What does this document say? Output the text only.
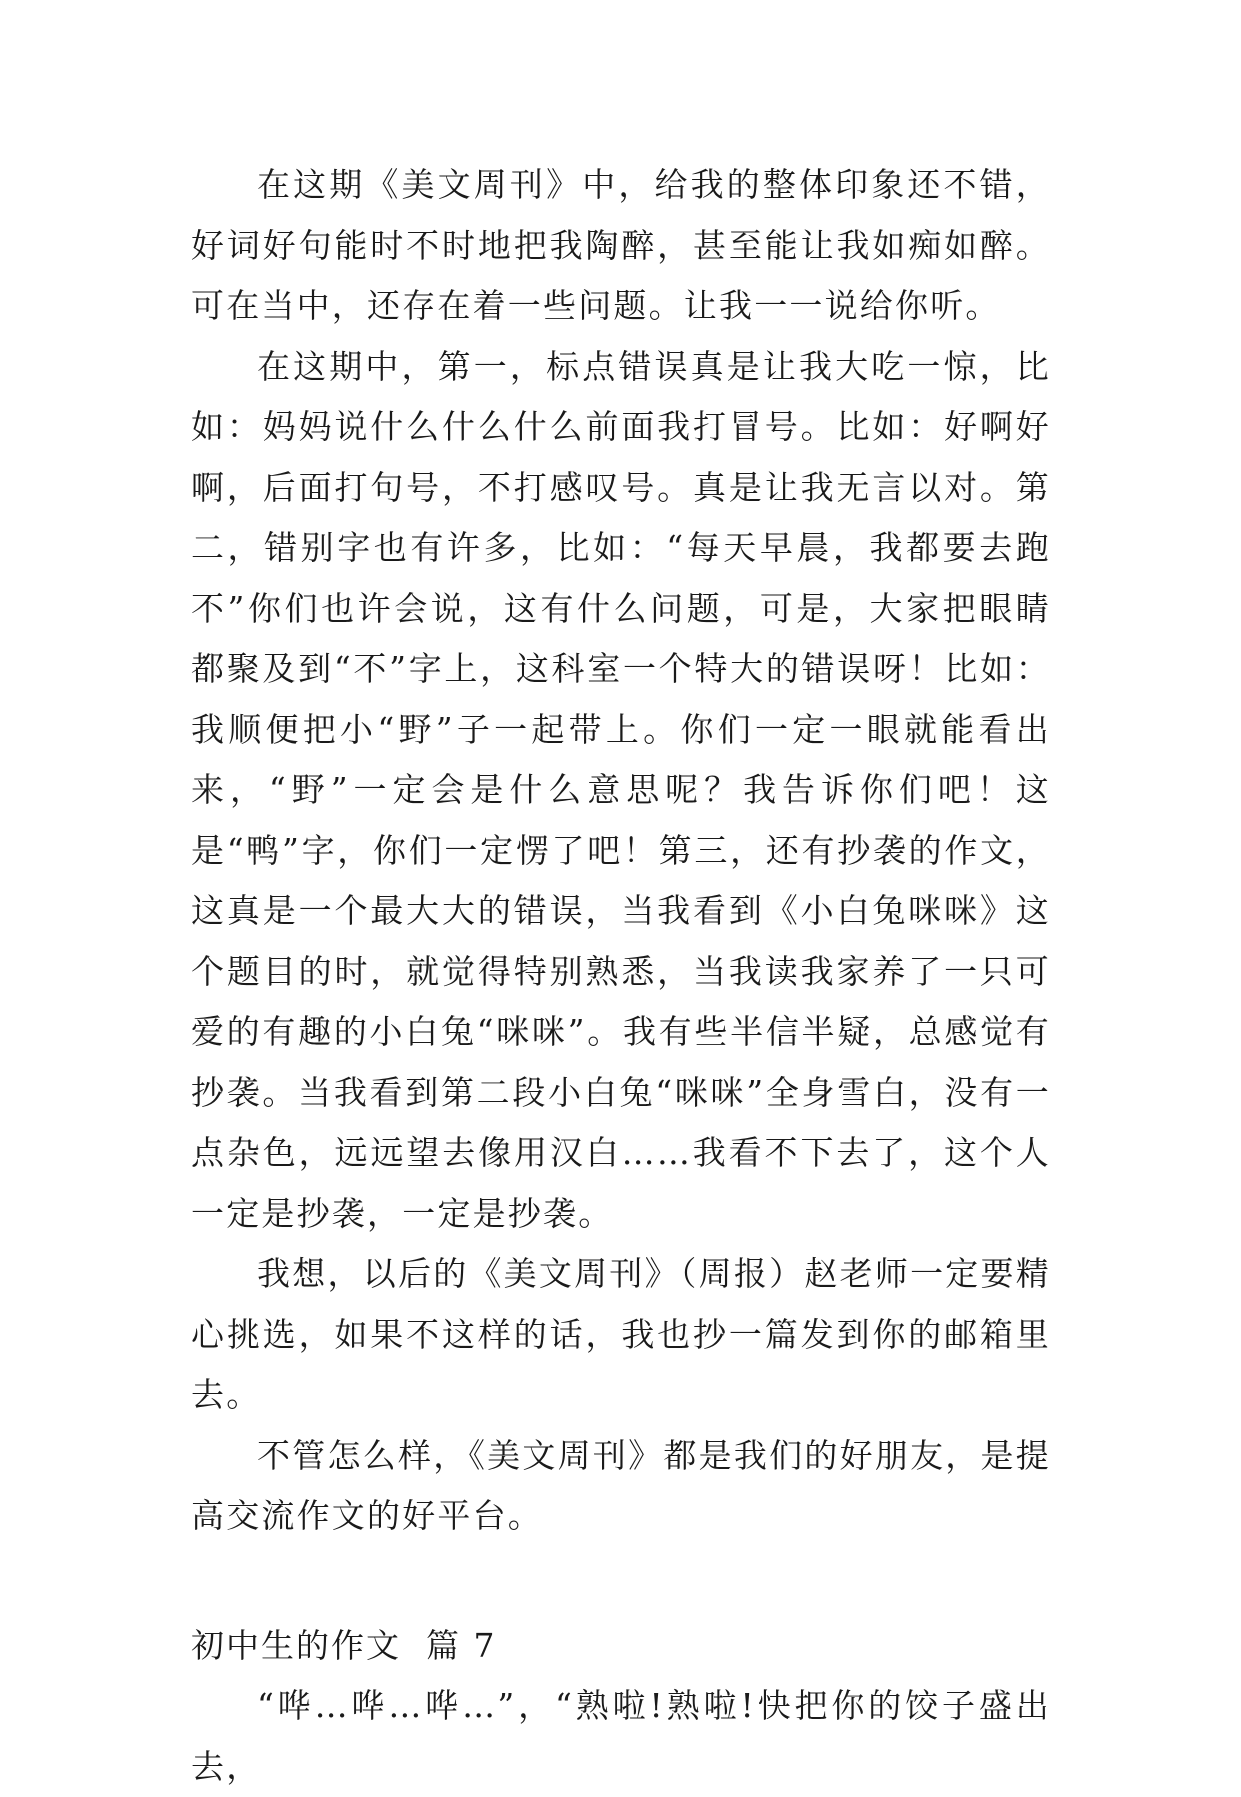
在这期《美文周刊》中，给我的整体印象还不错，好词好句能时不时地把我陶醉，甚至能让我如痴如醉。可在当中，还存在着一些问题。让我一一说给你听。

在这期中，第一，标点错误真是让我大吃一惊，比如：妈妈说什么什么什么前面我打冒号。比如：好啊好啊，后面打句号，不打感叹号。真是让我无言以对。第二，错别字也有许多，比如：“每天早晨，我都要去跑不”你们也许会说，这有什么问题，可是，大家把眼睛都聚及到“不”字上，这科室一个特大的错误呀！比如：我顺便把小“野”子一起带上。你们一定一眼就能看出来，“野”一定会是什么意思呢？我告诉你们吧！这是“鸭”字，你们一定愣了吧！第三，还有抄袭的作文，这真是一个最大大的错误，当我看到《小白兔咪咪》这个题目的时，就觉得特别熟悉，当我读我家养了一只可爱的有趣的小白兔“咪咪”。我有些半信半疑，总感觉有抄袭。当我看到第二段小白兔“咪咪”全身雪白，没有一点杂色，远远望去像用汉白……我看不下去了，这个人一定是抄袭，一定是抄袭。

我想，以后的《美文周刊》（周报）赵老师一定要精心挑选，如果不这样的话，我也抄一篇发到你的邮箱里去。

不管怎么样，《美文周刊》都是我们的好朋友，是提高交流作文的好平台。

初中生的作文  篇 7

“哗…哗…哗…”，“熟啦!熟啦!快把你的饺子盛出去，
